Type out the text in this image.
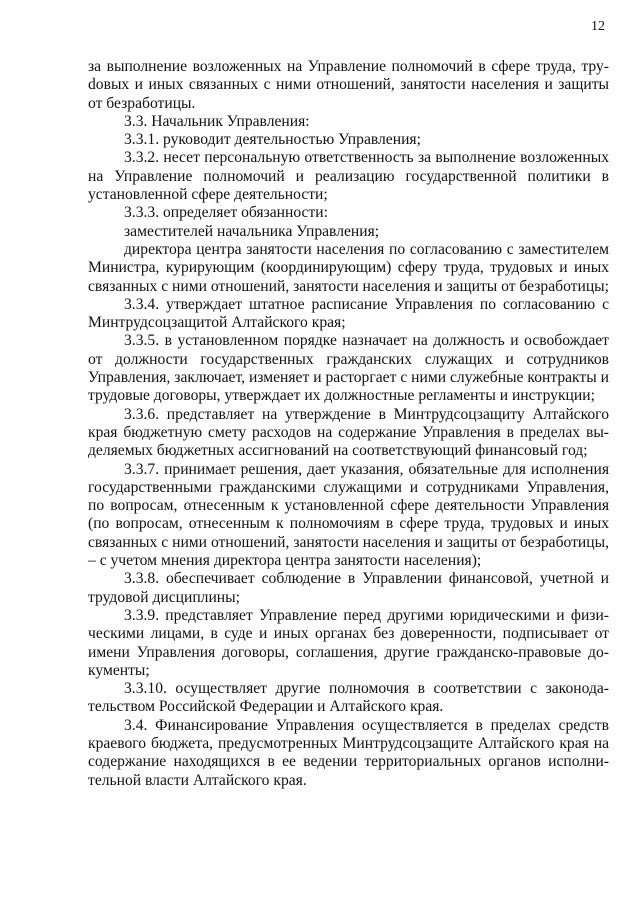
12

за выполнение возложенных на Управление полномочий в сфере труда, труdовых и иных связанных с ними отношений, занятости населения и защиты от безработицы.

3.3. Начальник Управления:

3.3.1. руководит деятельностью Управления;

3.3.2. несет персональную ответственность за выполнение возложенных на Управление полномочий и реализацию государственной политики в установленной сфере деятельности;

3.3.3. определяет обязанности:

заместителей начальника Управления;

директора центра занятости населения по согласованию с заместителем Министра, курирующим (координирующим) сферу труда, трудовых и иных связанных с ними отношений, занятости населения и защиты от безработицы;

3.3.4. утверждает штатное расписание Управления по согласованию с Минтрудсоцзащитой Алтайского края;

3.3.5. в установленном порядке назначает на должность и освобождает от должности государственных гражданских служащих и сотрудников Управления, заключает, изменяет и расторгает с ними служебные контракты и трудовые договоры, утверждает их должностные регламенты и инструкции;

3.3.6. представляет на утверждение в Минтрудсоцзащиту Алтайского края бюджетную смету расходов на содержание Управления в пределах выделяемых бюджетных ассигнований на соответствующий финансовый год;

3.3.7. принимает решения, дает указания, обязательные для исполнения государственными гражданскими служащими и сотрудниками Управления, по вопросам, отнесенным к установленной сфере деятельности Управления (по вопросам, отнесенным к полномочиям в сфере труда, трудовых и иных связанных с ними отношений, занятости населения и защиты от безработицы, – с учетом мнения директора центра занятости населения);

3.3.8. обеспечивает соблюдение в Управлении финансовой, учетной и трудовой дисциплины;

3.3.9. представляет Управление перед другими юридическими и физическими лицами, в суде и иных органах без доверенности, подписывает от имени Управления договоры, соглашения, другие гражданско-правовые документы;

3.3.10. осуществляет другие полномочия в соответствии с законодательством Российской Федерации и Алтайского края.

3.4. Финансирование Управления осуществляется в пределах средств краевого бюджета, предусмотренных Минтрудсоцзащите Алтайского края на содержание находящихся в ее ведении территориальных органов исполнительной власти Алтайского края.
